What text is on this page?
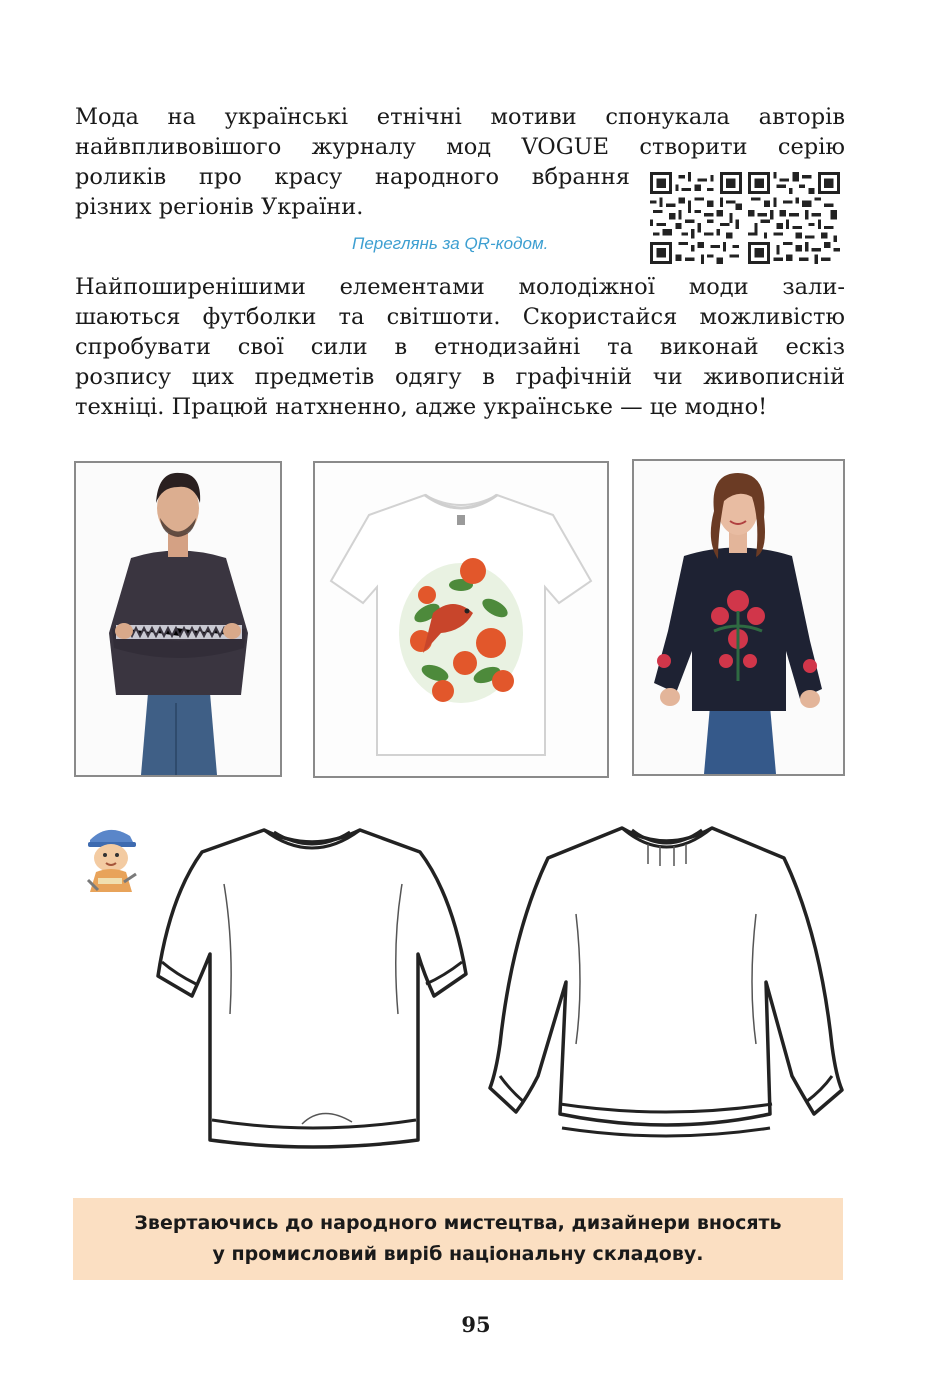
Мода на українські етнічні мотиви спонукала авторів
найвпливовішого журналу мод VOGUE створити серію
роликів про красу народного вбрання
різних регіонів України.
Переглянь за QR-кодом.
Найпоширенішими елементами молодіжної моди зали-
шаються футболки та світшоти. Скористайся можливістю
спробувати свої сили в етнодизайні та виконай ескіз
розпису цих предметів одягу в графічній чи живописній
техніці. Працюй натхненно, адже українське — це модно!
Звертаючись до народного мистецтва, дизайнери вносять
у промисловий виріб національну складову.
95
